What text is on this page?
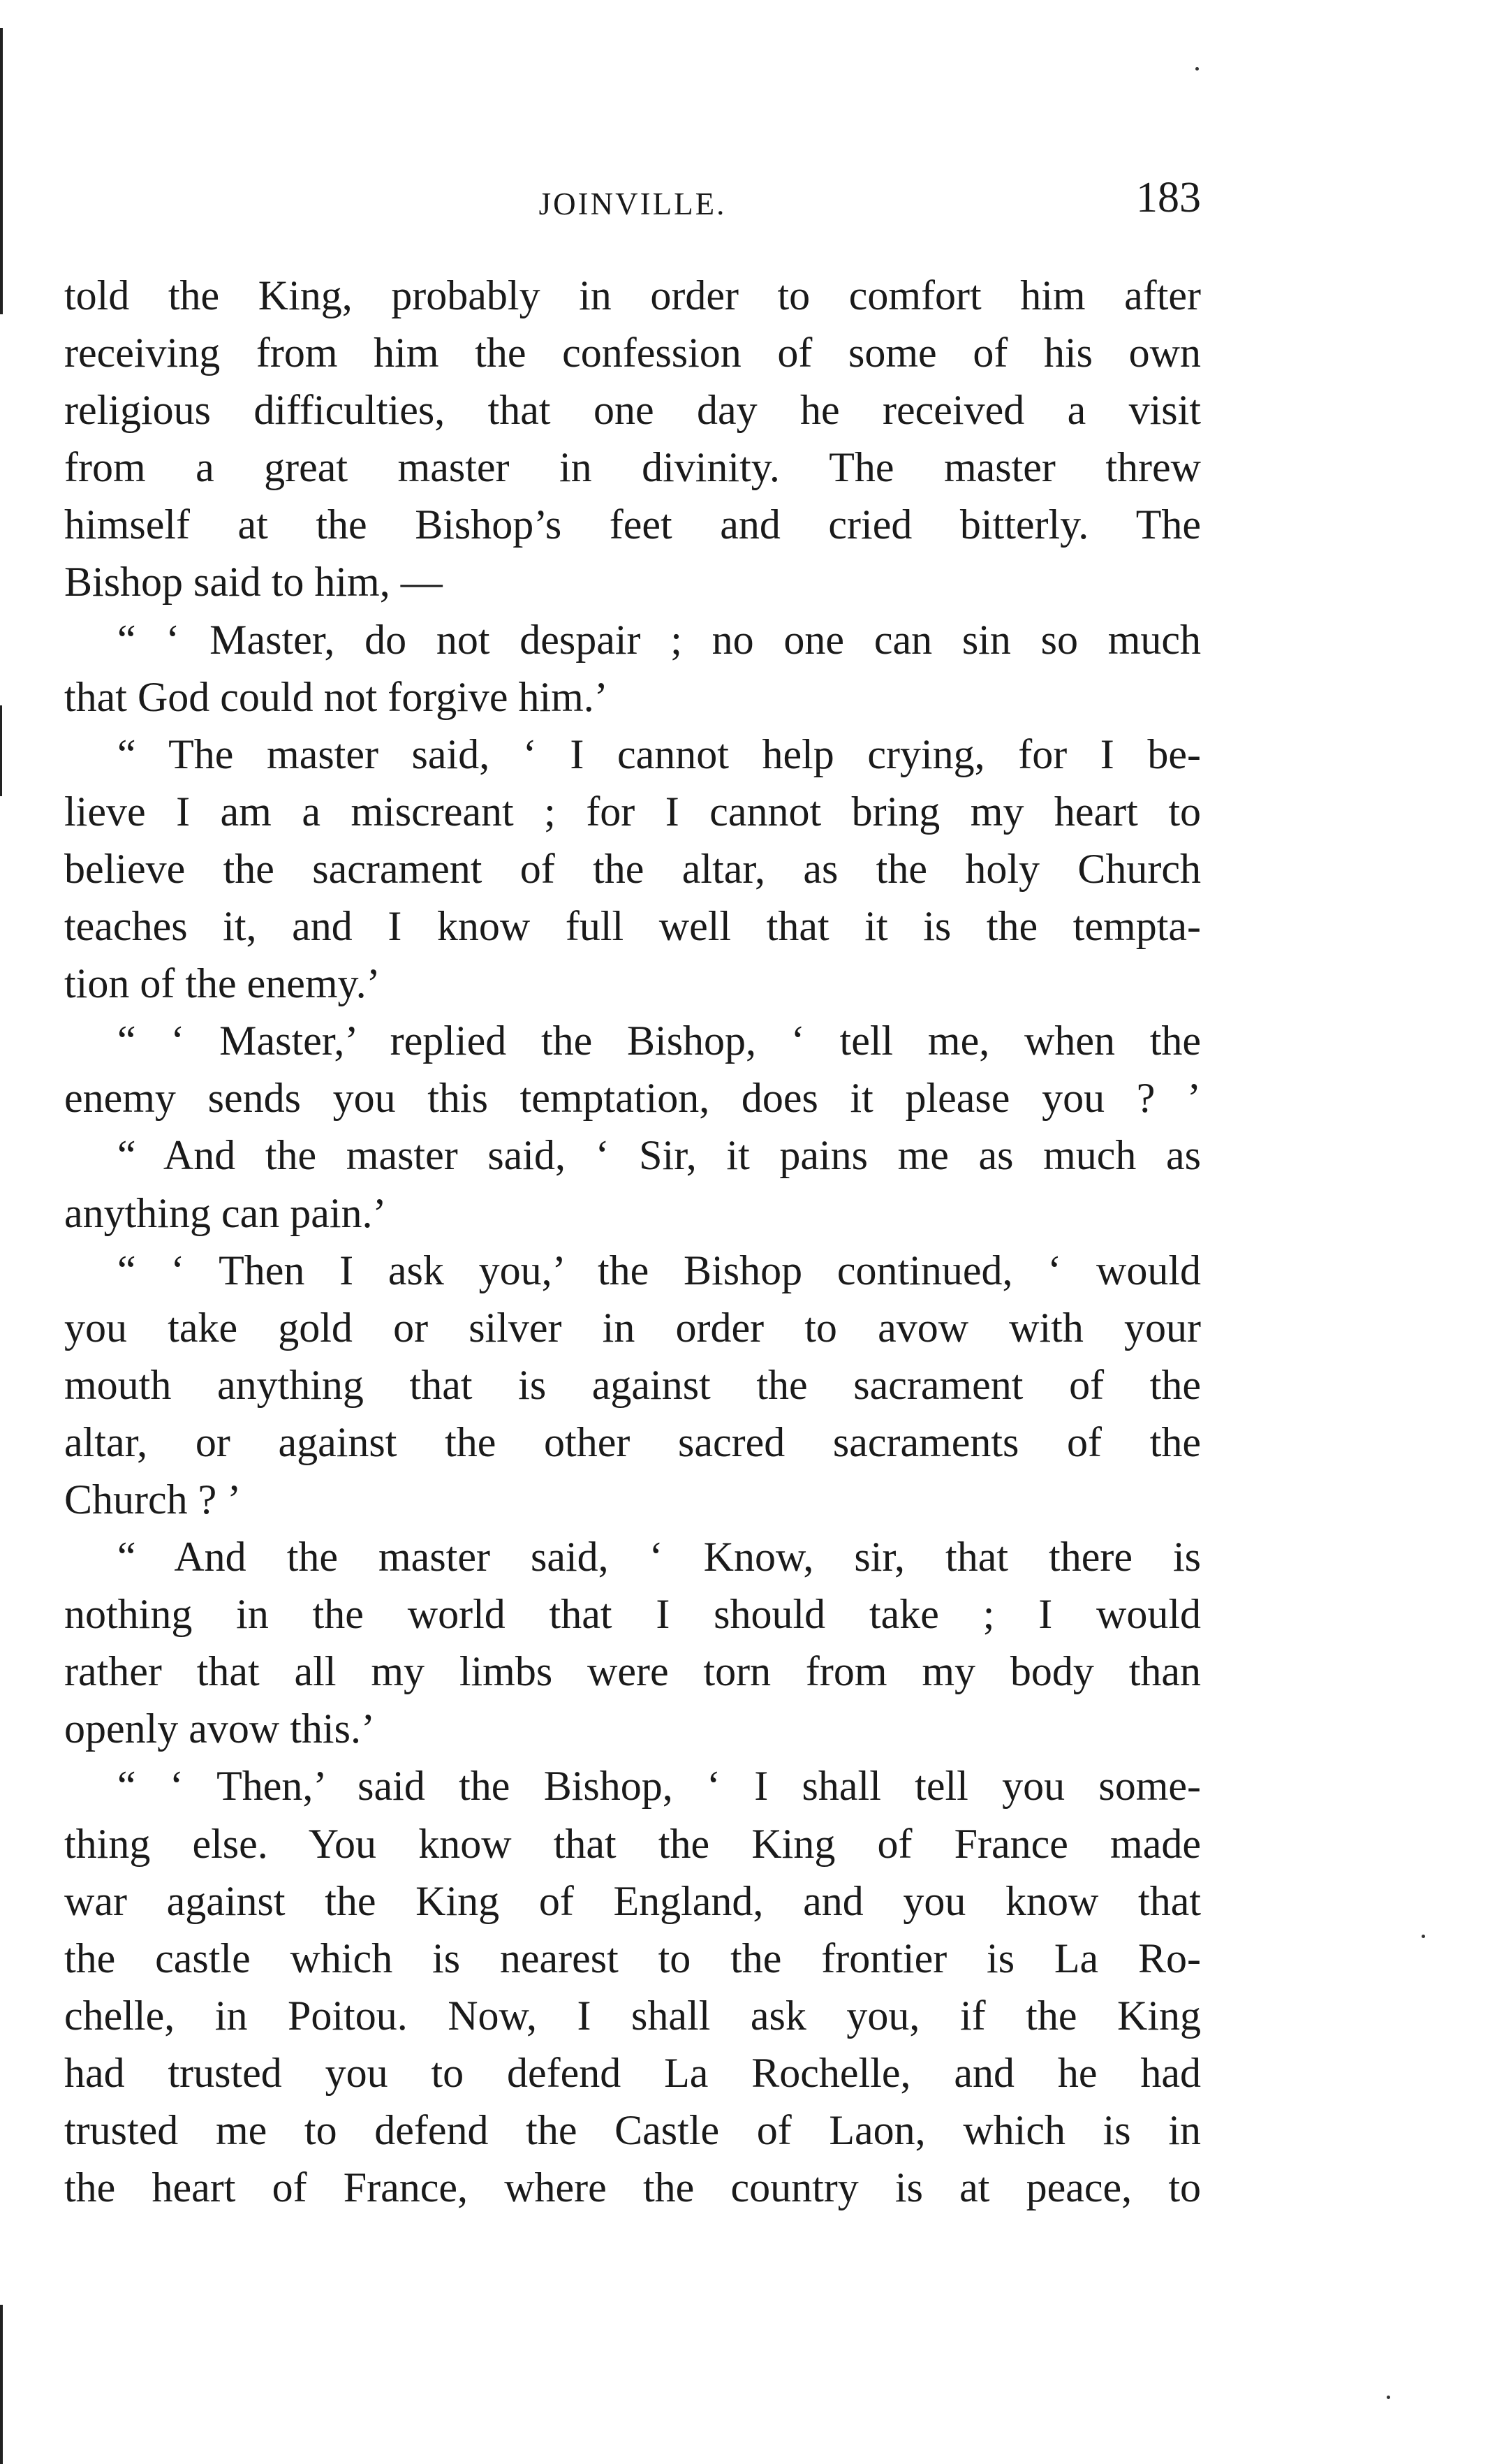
JOINVILLE.	183
told the King, probably in order to comfort him after
receiving from him the confession of some of his own
religious difficulties, that one day he received a visit
from a great master in divinity. The master threw
himself at the Bishop’s feet and cried bitterly. The
Bishop said to him, —
“ ‘ Master, do not despair ; no one can sin so much
that God could not forgive him.’
“ The master said, ‘ I cannot help crying, for I be-
lieve I am a miscreant ; for I cannot bring my heart to
believe the sacrament of the altar, as the holy Church
teaches it, and I know full well that it is the tempta-
tion of the enemy.’
“ ‘ Master,’ replied the Bishop, ‘ tell me, when the
enemy sends you this temptation, does it please you ? ’
“ And the master said, ‘ Sir, it pains me as much as
anything can pain.’
“ ‘ Then I ask you,’ the Bishop continued, ‘ would
you take gold or silver in order to avow with your
mouth anything that is against the sacrament of the
altar, or against the other sacred sacraments of the
Church ? ’
“ And the master said, ‘ Know, sir, that there is
nothing in the world that I should take ; I would
rather that all my limbs were torn from my body than
openly avow this.’
“ ‘ Then,’ said the Bishop, ‘ I shall tell you some-
thing else. You know that the King of France made
war against the King of England, and you know that
the castle which is nearest to the frontier is La Ro-
chelle, in Poitou. Now, I shall ask you, if the King
had trusted you to defend La Rochelle, and he had
trusted me to defend the Castle of Laon, which is in
the heart of France, where the country is at peace, to
